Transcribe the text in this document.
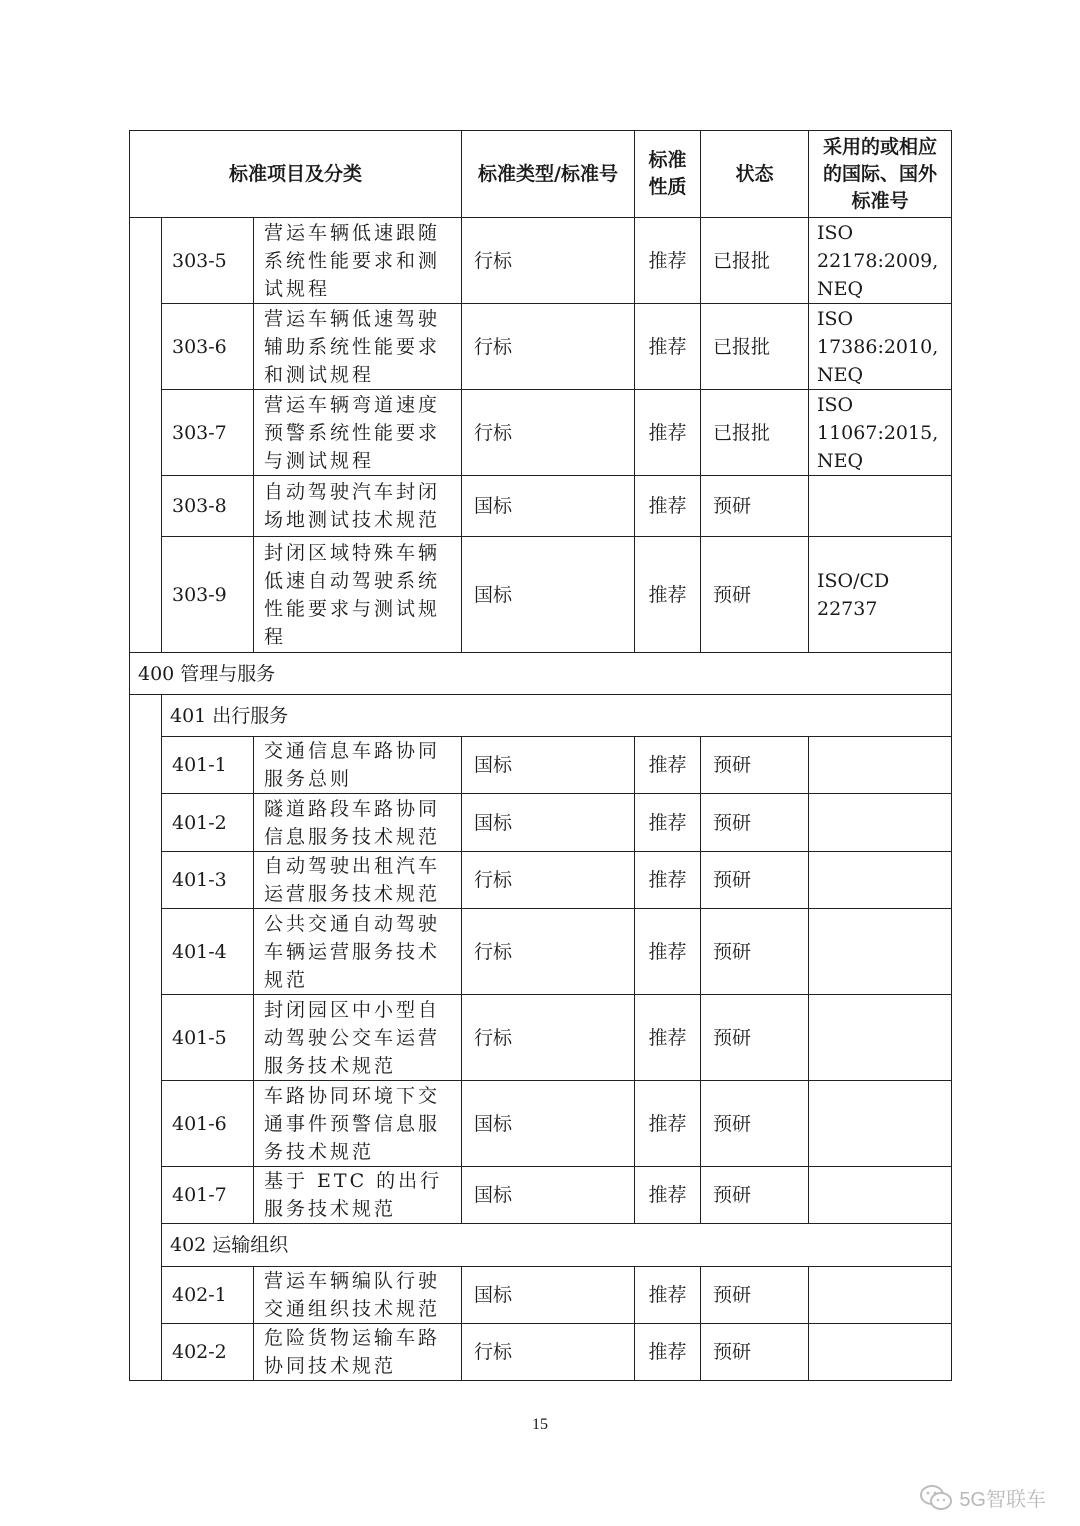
标准项目及分类			标准类型/标准号	标准性质	状态	采用的或相应的国际、国外标准号
	303-5	营运车辆低速跟随系统性能要求和测试规程	行标	推荐	已报批	ISO
22178:2009,
NEQ

	303-6	营运车辆低速驾驶辅助系统性能要求和测试规程	行标	推荐	已报批	ISO
17386:2010,
NEQ

	303-7	营运车辆弯道速度预警系统性能要求与测试规程	行标	推荐	已报批	ISO
11067:2015,
NEQ

	303-8	自动驾驶汽车封闭场地测试技术规范	国标	推荐	预研	
	303-9	封闭区域特殊车辆低速自动驾驶系统性能要求与测试规程	国标	推荐	预研	ISO/CD 22737
400 管理与服务						
	401 出行服务					
	401-1	交通信息车路协同服务总则	国标	推荐	预研	
	401-2	隧道路段车路协同信息服务技术规范	国标	推荐	预研	
	401-3	自动驾驶出租汽车运营服务技术规范	行标	推荐	预研	
	401-4	公共交通自动驾驶车辆运营服务技术规范	行标	推荐	预研	
	401-5	封闭园区中小型自动驾驶公交车运营服务技术规范	行标	推荐	预研	
	401-6	车路协同环境下交通事件预警信息服务技术规范	国标	推荐	预研	
	401-7	基于 ETC 的出行服务技术规范	国标	推荐	预研	
	402 运输组织					
	402-1	营运车辆编队行驶交通组织技术规范	国标	推荐	预研	
	402-2	危险货物运输车路协同技术规范	行标	推荐	预研	
15
5G智联车
